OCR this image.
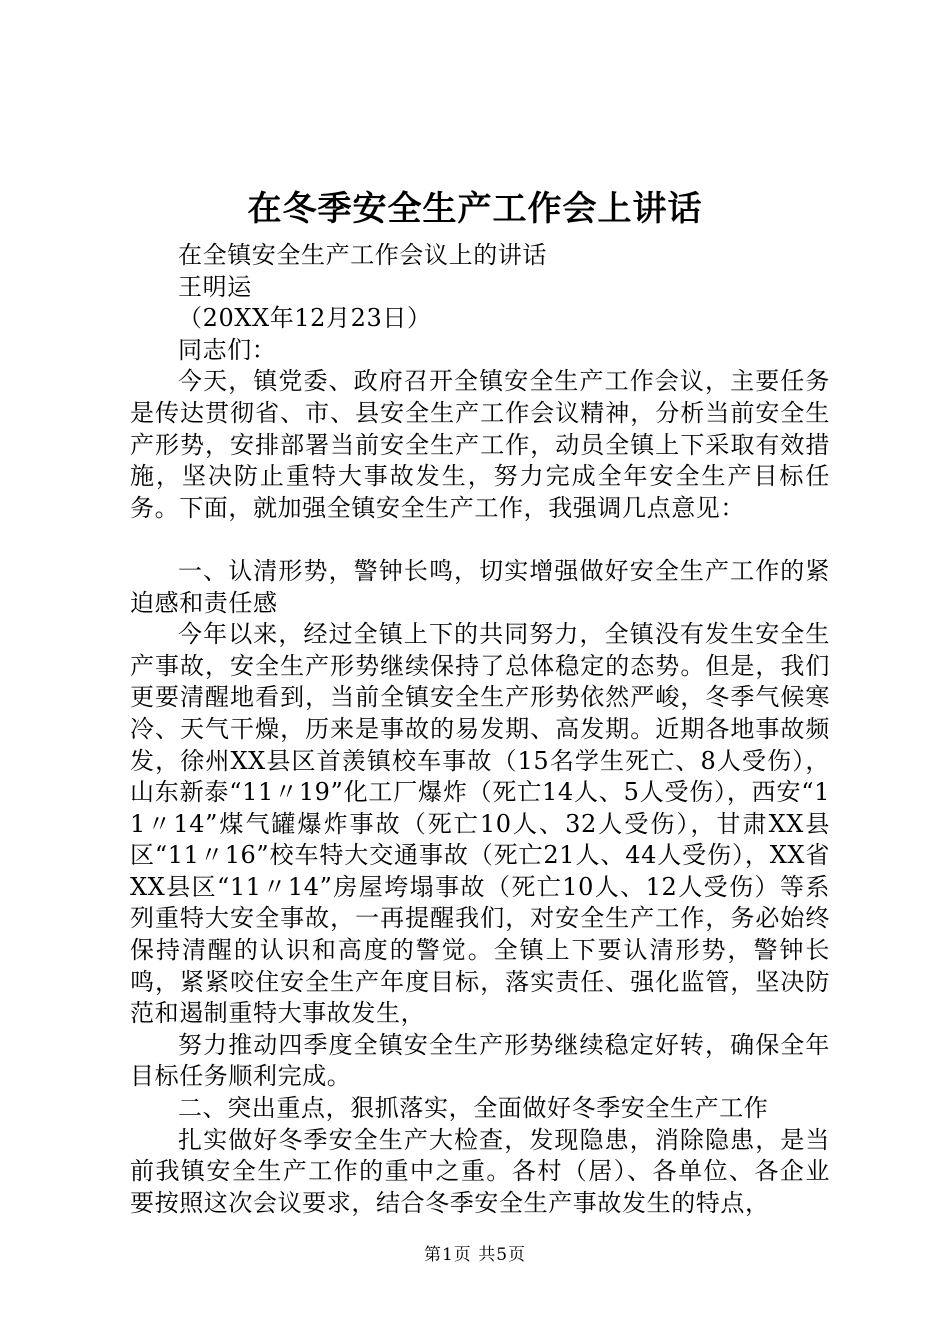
在冬季安全生产工作会上讲话

在全镇安全生产工作会议上的讲话

王明运

（20XX年12月23日）

同志们：

今天，镇党委、政府召开全镇安全生产工作会议，主要任务是传达贯彻省、市、县安全生产工作会议精神，分析当前安全生产形势，安排部署当前安全生产工作，动员全镇上下采取有效措施，坚决防止重特大事故发生，努力完成全年安全生产目标任务。下面，就加强全镇安全生产工作，我强调几点意见：

一、认清形势，警钟长鸣，切实增强做好安全生产工作的紧迫感和责任感

今年以来，经过全镇上下的共同努力，全镇没有发生安全生产事故，安全生产形势继续保持了总体稳定的态势。但是，我们更要清醒地看到，当前全镇安全生产形势依然严峻，冬季气候寒冷、天气干燥，历来是事故的易发期、高发期。近期各地事故频发，徐州XX县区首羡镇校车事故（15名学生死亡、8人受伤），山东新泰“11〃19”化工厂爆炸（死亡14人、5人受伤），西安“11〃14”煤气罐爆炸事故（死亡10人、32人受伤），甘肃XX县区“11〃16”校车特大交通事故（死亡21人、44人受伤），XX省XX县区“11〃14”房屋垮塌事故（死亡10人、12人受伤）等系列重特大安全事故，一再提醒我们，对安全生产工作，务必始终保持清醒的认识和高度的警觉。全镇上下要认清形势，警钟长鸣，紧紧咬住安全生产年度目标，落实责任、强化监管，坚决防范和遏制重特大事故发生，

努力推动四季度全镇安全生产形势继续稳定好转，确保全年目标任务顺利完成。

二、突出重点，狠抓落实，全面做好冬季安全生产工作

扎实做好冬季安全生产大检查，发现隐患，消除隐患，是当前我镇安全生产工作的重中之重。各村（居）、各单位、各企业要按照这次会议要求，结合冬季安全生产事故发生的特点，

第1页 共5页
